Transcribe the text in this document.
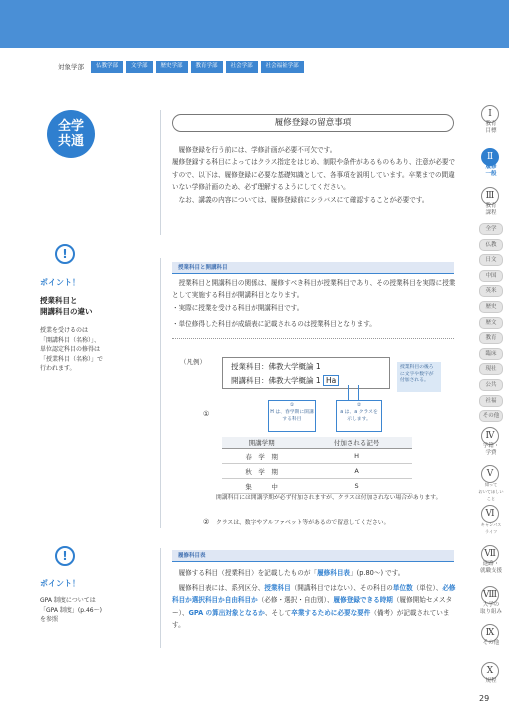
対象学部	仏教学部	文学部	歴史学部	教育学部	社会学部	社会福祉学部
全学
共通
!
ポイント！
授業科目と
開講科目の違い
授業を受けるのは
「開講科目（名称）」、
単位認定科目の修得は
「授業科目（名称）」で
行われます。
!
ポイント！
GPA 制度については
「GPA 制度」(p.46〜)
を参照
履修登録の留意事項
　履修登録を行う前には、学修計画が必要不可欠です。
履修登録する科目によってはクラス指定をはじめ、制限や条件があるものもあり、注意が必要ですので、以下は、履修登録に必要な基礎知識として、各事項を説明しています。卒業までの間違いない学修計画のため、必ず理解するようにしてください。
　なお、講義の内容については、履修登録前にシラバスにて確認することが必要です。
授業科目と開講科目
　授業科目と開講科目の関係は、履修すべき科目が授業科目であり、その授業科目を実際に授業として実施する科目が開講科目となります。
・実際に授業を受ける科目が開講科目です。
・単位修得した科目が成績表に記載されるのは授業科目となります。
（凡例）	授業科目：佛教大学概論 1
開講科目：佛教大学概論 1 Ha
授業科目の後ろに文字や数字が付加される。
①
H は、春学期に開講する科目
②
a は、a クラスを示します。
①
開講学期	付加される記号
春　学　期	H
秋　学　期	A
集　　　中	S
開講科目には開講学期が必ず付加されますが、クラスは付加されない場合があります。
② クラスは、数字やアルファベット等があるので留意してください。
履修科目表
　履修する科目（授業科目）を記載したものが「履修科目表」(p.80〜) です。
　履修科目表には、系列区分、授業科目（開講科目ではない）、その科目の単位数（単位）、必修科目か選択科目か自由科目か（必修・選択・自由別）、履修登録できる時期（履修開始セメスター）、GPA の算出対象となるか、そして卒業するために必要な要件（備考）が記載されています。
Ⅰ
教育
目標
Ⅱ
履修
一般
Ⅲ
教育
課程
Ⅳ
学籍・
学費
Ⅴ
知って
おいてほしいこと
Ⅵ
キャンパス
ライフ
Ⅶ
進路・
就職支援
Ⅷ
大学の
取り組み
Ⅸ
その他
Ⅹ
規程
全学
仏教
日文
中国
英米
歴史
歴文
教育
臨床
現社
公共
社福
その他
29
